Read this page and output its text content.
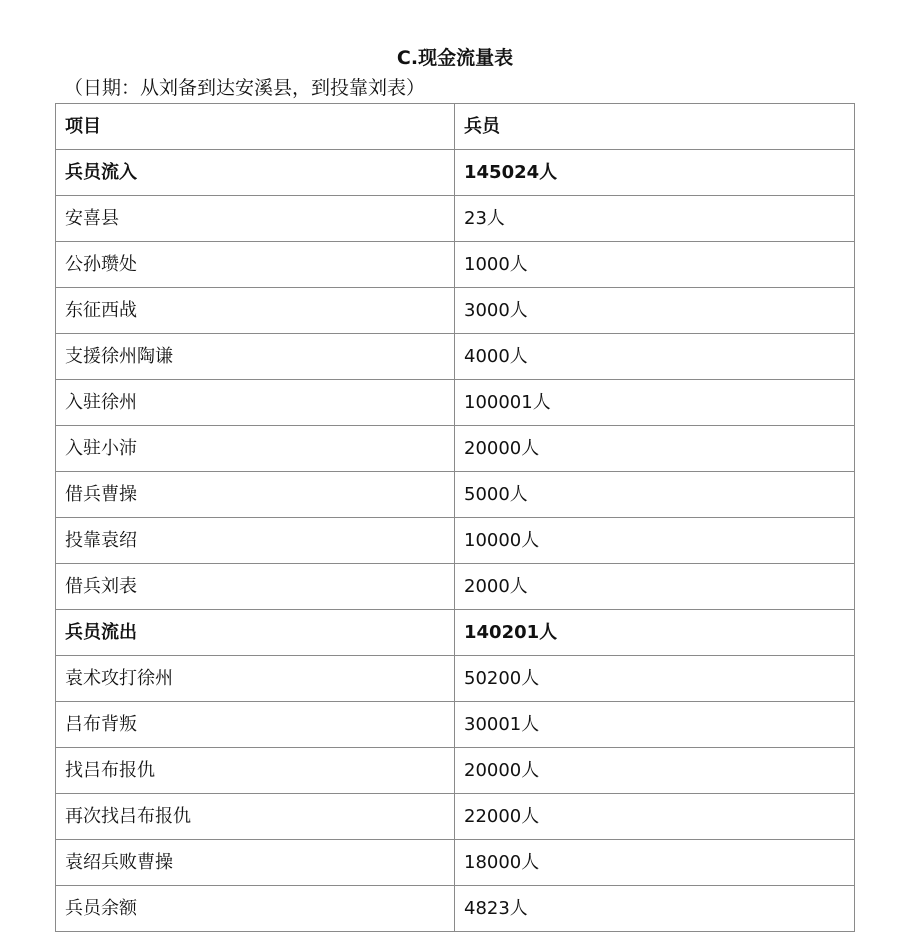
C.现金流量表
（日期：从刘备到达安溪县，到投靠刘表）
项目	兵员
兵员流入	145024人
安喜县	23人
公孙瓒处	1000人
东征西战	3000人
支援徐州陶谦	4000人
入驻徐州	100001人
入驻小沛	20000人
借兵曹操	5000人
投靠袁绍	10000人
借兵刘表	2000人
兵员流出	140201人
袁术攻打徐州	50200人
吕布背叛	30001人
找吕布报仇	20000人
再次找吕布报仇	22000人
袁绍兵败曹操	18000人
兵员余额	4823人
